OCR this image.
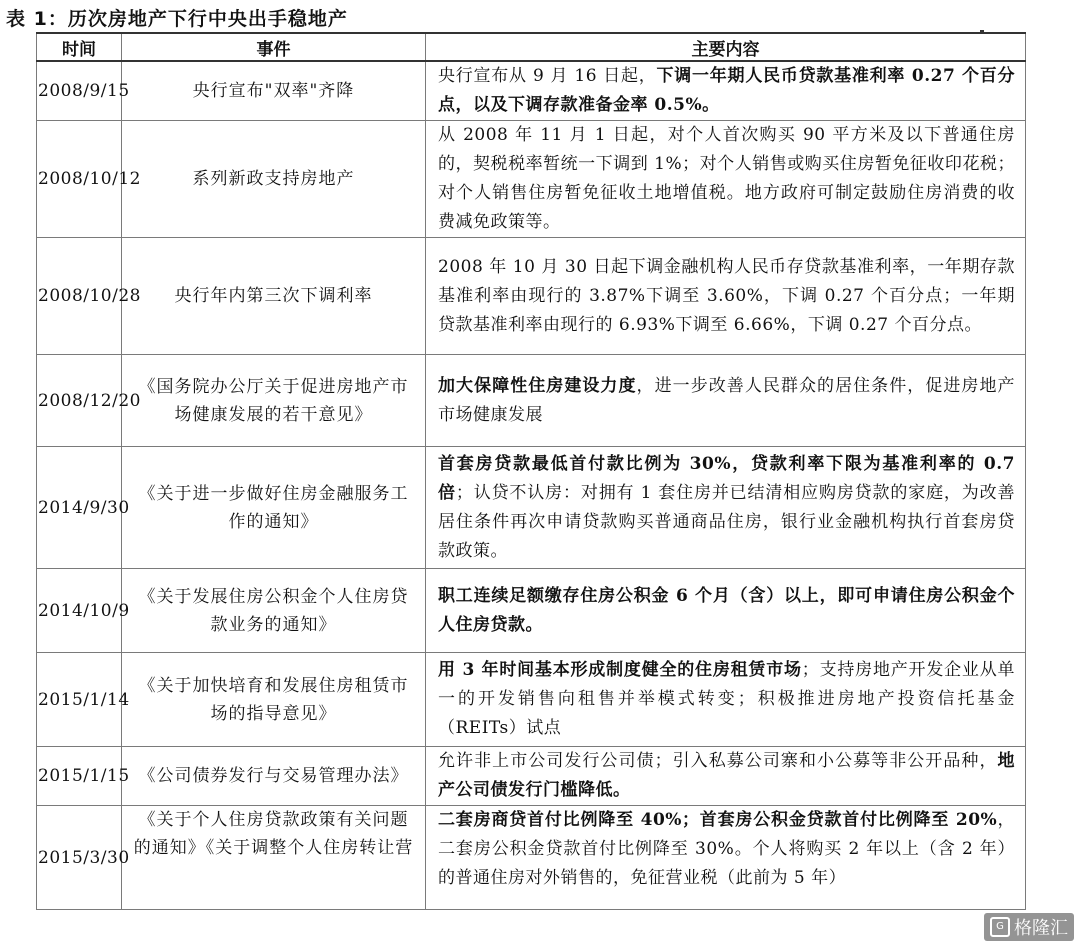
表 1：历次房地产下行中央出手稳地产
时间	事件	主要内容
2008/9/15	央行宣布"双率"齐降	央行宣布从 9 月 16 日起，下调一年期人民币贷款基准利率 0.27 个百分点，以及下调存款准备金率 0.5%。
2008/10/12	系列新政支持房地产	从 2008 年 11 月 1 日起，对个人首次购买 90 平方米及以下普通住房的，契税税率暂统一下调到 1%；对个人销售或购买住房暂免征收印花税；对个人销售住房暂免征收土地增值税。地方政府可制定鼓励住房消费的收费减免政策等。
2008/10/28	央行年内第三次下调利率	2008 年 10 月 30 日起下调金融机构人民币存贷款基准利率，一年期存款基准利率由现行的 3.87%下调至 3.60%，下调 0.27 个百分点；一年期贷款基准利率由现行的 6.93%下调至 6.66%，下调 0.27 个百分点。
2008/12/20	《国务院办公厅关于促进房地产市场健康发展的若干意见》	加大保障性住房建设力度，进一步改善人民群众的居住条件，促进房地产市场健康发展
2014/9/30	《关于进一步做好住房金融服务工作的通知》	首套房贷款最低首付款比例为 30%，贷款利率下限为基准利率的 0.7 倍；认贷不认房：对拥有 1 套住房并已结清相应购房贷款的家庭，为改善居住条件再次申请贷款购买普通商品住房，银行业金融机构执行首套房贷款政策。
2014/10/9	《关于发展住房公积金个人住房贷款业务的通知》	职工连续足额缴存住房公积金 6 个月（含）以上，即可申请住房公积金个人住房贷款。
2015/1/14	《关于加快培育和发展住房租赁市场的指导意见》	用 3 年时间基本形成制度健全的住房租赁市场；支持房地产开发企业从单一的开发销售向租售并举模式转变；积极推进房地产投资信托基金（REITs）试点
2015/1/15	《公司债券发行与交易管理办法》	允许非上市公司发行公司债；引入私募公司寨和小公募等非公开品种，地产公司债发行门槛降低。
2015/3/30	《关于个人住房贷款政策有关问题的通知》《关于调整个人住房转让营	二套房商贷首付比例降至 40%；首套房公积金贷款首付比例降至 20%，二套房公积金贷款首付比例降至 30%。个人将购买 2 年以上（含 2 年）的普通住房对外销售的，免征营业税（此前为 5 年）
G 格隆汇
